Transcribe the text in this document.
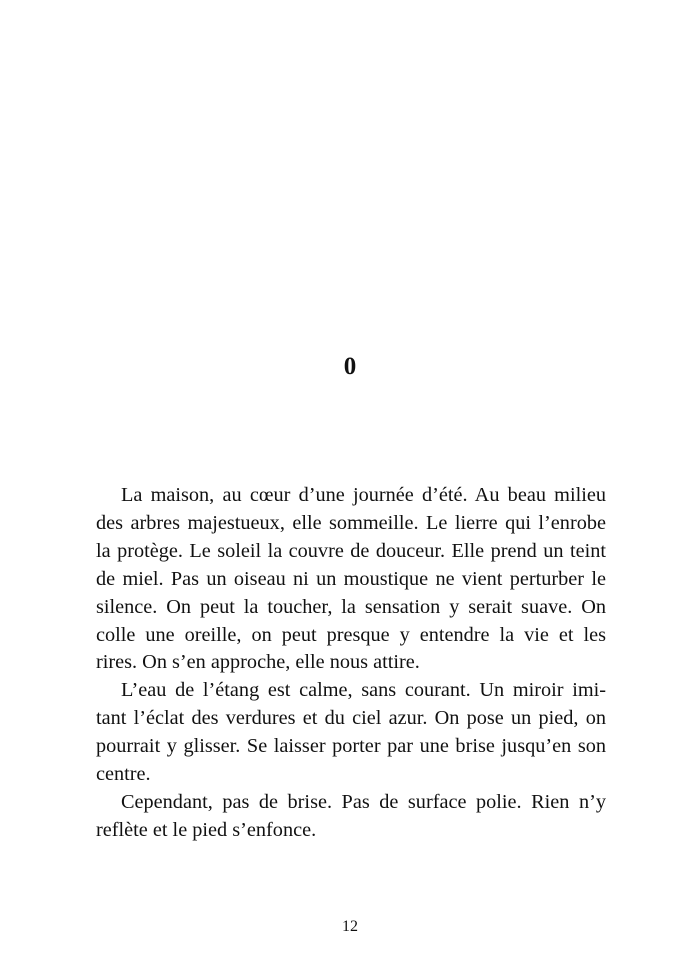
0
La maison, au cœur d’une journée d’été. Au beau milieu
des arbres majestueux, elle sommeille. Le lierre qui l’enrobe
la protège. Le soleil la couvre de douceur. Elle prend un teint
de miel. Pas un oiseau ni un moustique ne vient perturber le
silence. On peut la toucher, la sensation y serait suave. On
colle une oreille, on peut presque y entendre la vie et les
rires. On s’en approche, elle nous attire.
L’eau de l’étang est calme, sans courant. Un miroir imi-
tant l’éclat des verdures et du ciel azur. On pose un pied, on
pourrait y glisser. Se laisser porter par une brise jusqu’en son
centre.
Cependant, pas de brise. Pas de surface polie. Rien n’y
reflète et le pied s’enfonce.
12
